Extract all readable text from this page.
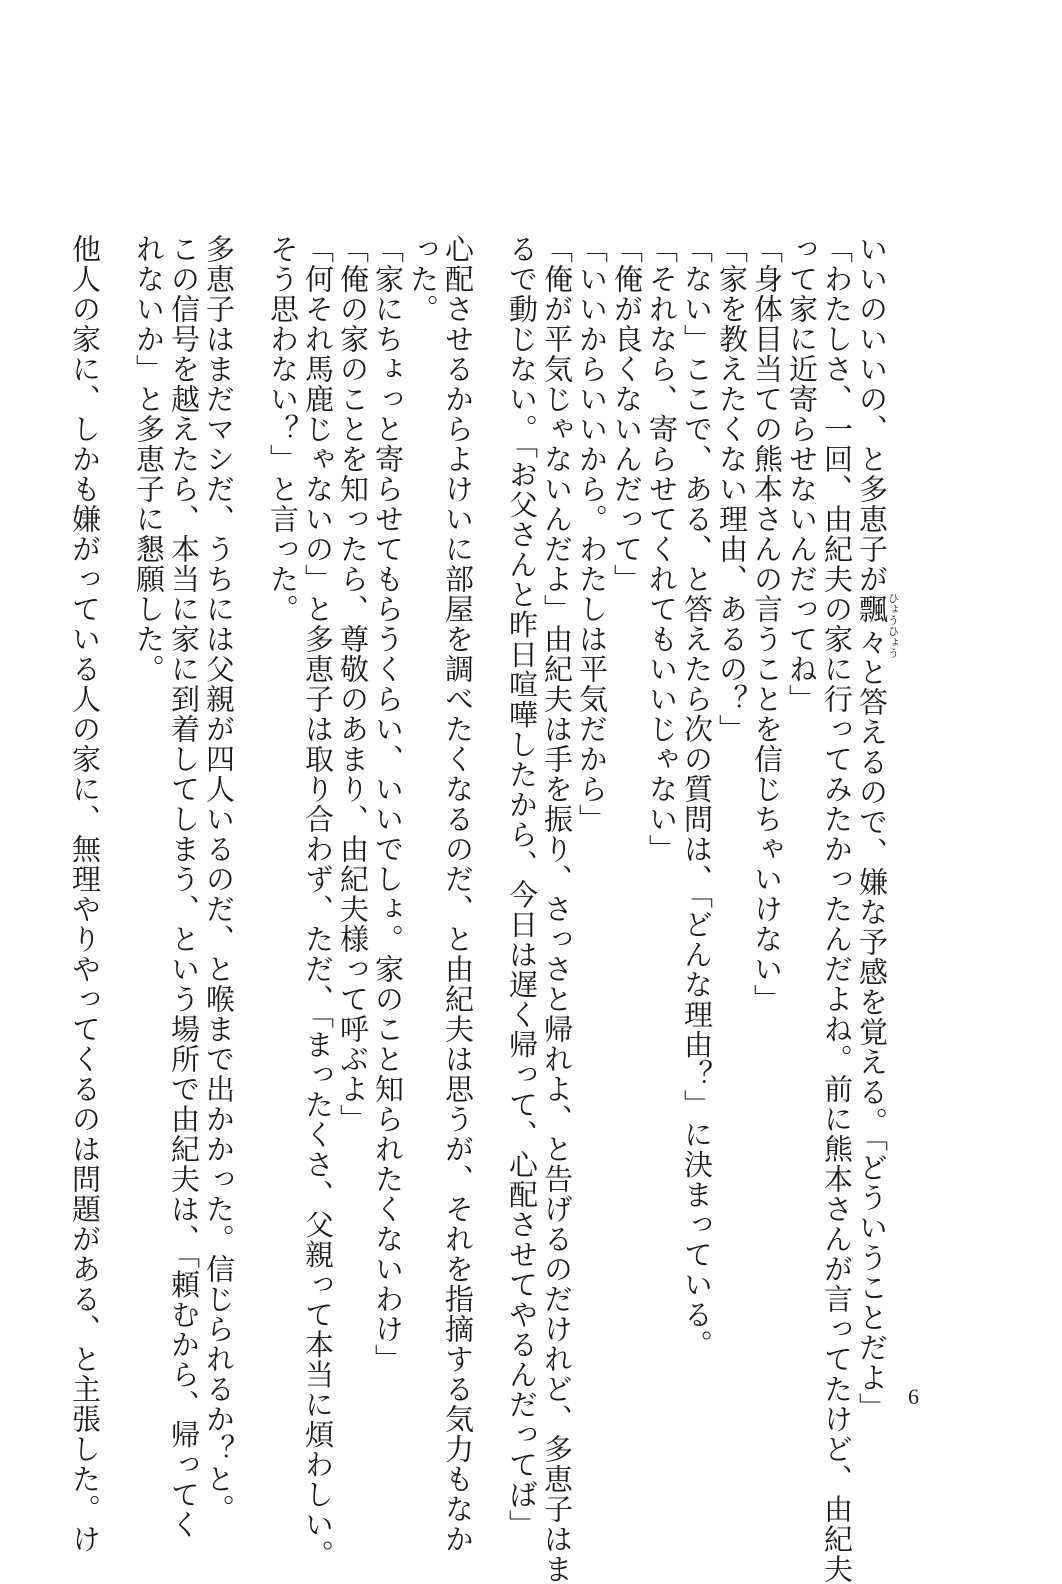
いいのいいの、と多恵子が飄々ひょうひょうと答えるので、嫌な予感を覚える。「どういうことだよ」
「わたしさ、一回、由紀夫の家に行ってみたかったんだよね。前に熊本さんが言ってたけど、由紀夫
って家に近寄らせないんだってね」
「身体目当ての熊本さんの言うことを信じちゃいけない」
「家を教えたくない理由、あるの？」
「ない」ここで、ある、と答えたら次の質問は、「どんな理由？」に決まっている。
「それなら、寄らせてくれてもいいじゃない」
「俺が良くないんだって」
「いいからいいから。わたしは平気だから」
「俺が平気じゃないんだよ」由紀夫は手を振り、さっさと帰れよ、と告げるのだけれど、多恵子はま
るで動じない。「お父さんと昨日喧嘩したから、今日は遅く帰って、心配させてやるんだってば」
心配させるからよけいに部屋を調べたくなるのだ、と由紀夫は思うが、それを指摘する気力もなか
った。
「家にちょっと寄らせてもらうくらい、いいでしょ。家のこと知られたくないわけ」
「俺の家のことを知ったら、尊敬のあまり、由紀夫様って呼ぶよ」
「何それ馬鹿じゃないの」と多恵子は取り合わず、ただ、「まったくさ、父親って本当に煩わしい。
そう思わない？」と言った。
多恵子はまだマシだ、うちには父親が四人いるのだ、と喉まで出かかった。信じられるか？と。
この信号を越えたら、本当に家に到着してしまう、という場所で由紀夫は、「頼むから、帰ってく
れないか」と多恵子に懇願した。
他人の家に、しかも嫌がっている人の家に、無理やりやってくるのは問題がある、と主張した。け	6
